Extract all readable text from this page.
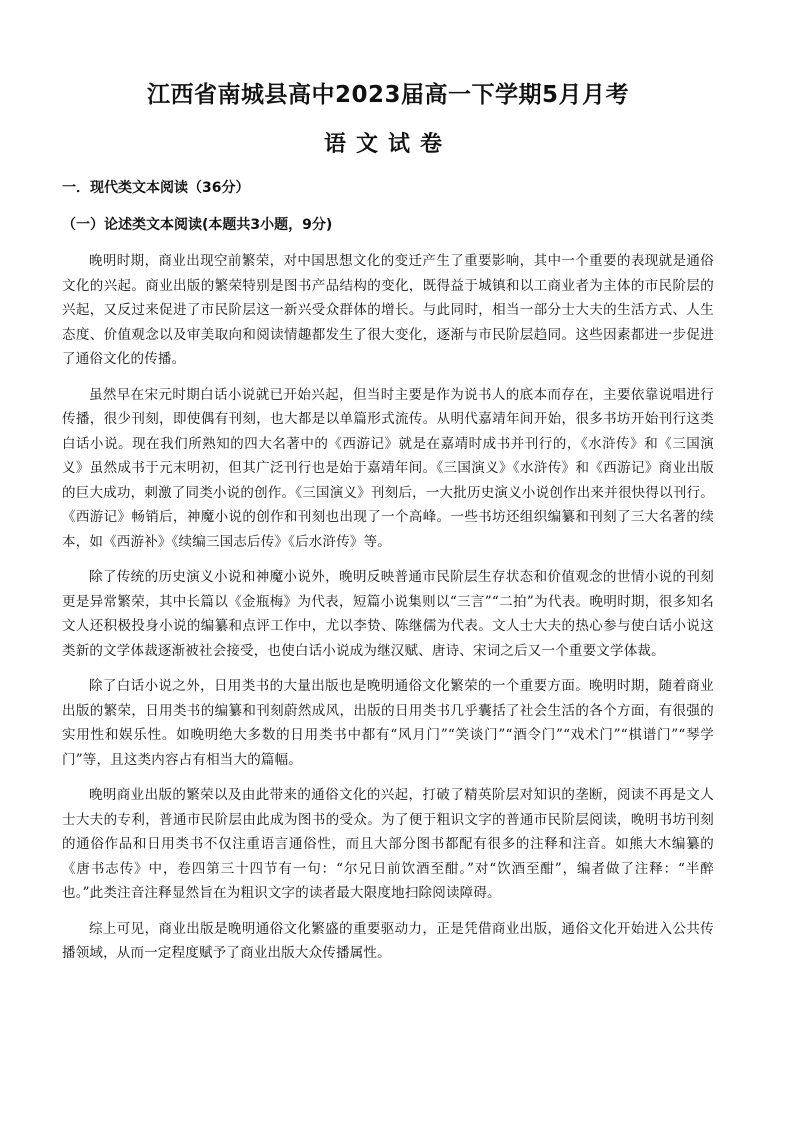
江西省南城县高中2023届高一下学期5月月考
语文试卷
一．现代类文本阅读（36分）
（一）论述类文本阅读(本题共3小题，9分)

晚明时期，商业出现空前繁荣，对中国思想文化的变迁产生了重要影响，其中一个重要的表现就是通俗文化的兴起。商业出版的繁荣特别是图书产品结构的变化，既得益于城镇和以工商业者为主体的市民阶层的兴起，又反过来促进了市民阶层这一新兴受众群体的增长。与此同时，相当一部分士大夫的生活方式、人生态度、价值观念以及审美取向和阅读情趣都发生了很大变化，逐渐与市民阶层趋同。这些因素都进一步促进了通俗文化的传播。

虽然早在宋元时期白话小说就已开始兴起，但当时主要是作为说书人的底本而存在，主要依靠说唱进行传播，很少刊刻，即使偶有刊刻，也大都是以单篇形式流传。从明代嘉靖年间开始，很多书坊开始刊行这类白话小说。现在我们所熟知的四大名著中的《西游记》就是在嘉靖时成书并刊行的，《水浒传》和《三国演义》虽然成书于元末明初，但其广泛刊行也是始于嘉靖年间。《三国演义》《水浒传》和《西游记》商业出版的巨大成功，刺激了同类小说的创作。《三国演义》刊刻后，一大批历史演义小说创作出来并很快得以刊行。《西游记》畅销后，神魔小说的创作和刊刻也出现了一个高峰。一些书坊还组织编纂和刊刻了三大名著的续本，如《西游补》《续编三国志后传》《后水浒传》等。

除了传统的历史演义小说和神魔小说外，晚明反映普通市民阶层生存状态和价值观念的世情小说的刊刻更是异常繁荣，其中长篇以《金瓶梅》为代表，短篇小说集则以“三言”“二拍”为代表。晚明时期，很多知名文人还积极投身小说的编纂和点评工作中，尤以李贽、陈继儒为代表。文人士大夫的热心参与使白话小说这类新的文学体裁逐渐被社会接受，也使白话小说成为继汉赋、唐诗、宋词之后又一个重要文学体裁。

除了白话小说之外，日用类书的大量出版也是晚明通俗文化繁荣的一个重要方面。晚明时期，随着商业出版的繁荣，日用类书的编纂和刊刻蔚然成风，出版的日用类书几乎囊括了社会生活的各个方面，有很强的实用性和娱乐性。如晚明绝大多数的日用类书中都有“风月门”“笑谈门”“酒令门”“戏术门”“棋谱门”“琴学门”等，且这类内容占有相当大的篇幅。

晚明商业出版的繁荣以及由此带来的通俗文化的兴起，打破了精英阶层对知识的垄断，阅读不再是文人士大夫的专利，普通市民阶层由此成为图书的受众。为了便于粗识文字的普通市民阶层阅读，晚明书坊刊刻的通俗作品和日用类书不仅注重语言通俗性，而且大部分图书都配有很多的注释和注音。如熊大木编纂的《唐书志传》中，卷四第三十四节有一句：“尔兄日前饮酒至酣。”对“饮酒至酣”，编者做了注释：“半醉也。”此类注音注释显然旨在为粗识文字的读者最大限度地扫除阅读障碍。

综上可见，商业出版是晚明通俗文化繁盛的重要驱动力，正是凭借商业出版，通俗文化开始进入公共传播领域，从而一定程度赋予了商业出版大众传播属性。
